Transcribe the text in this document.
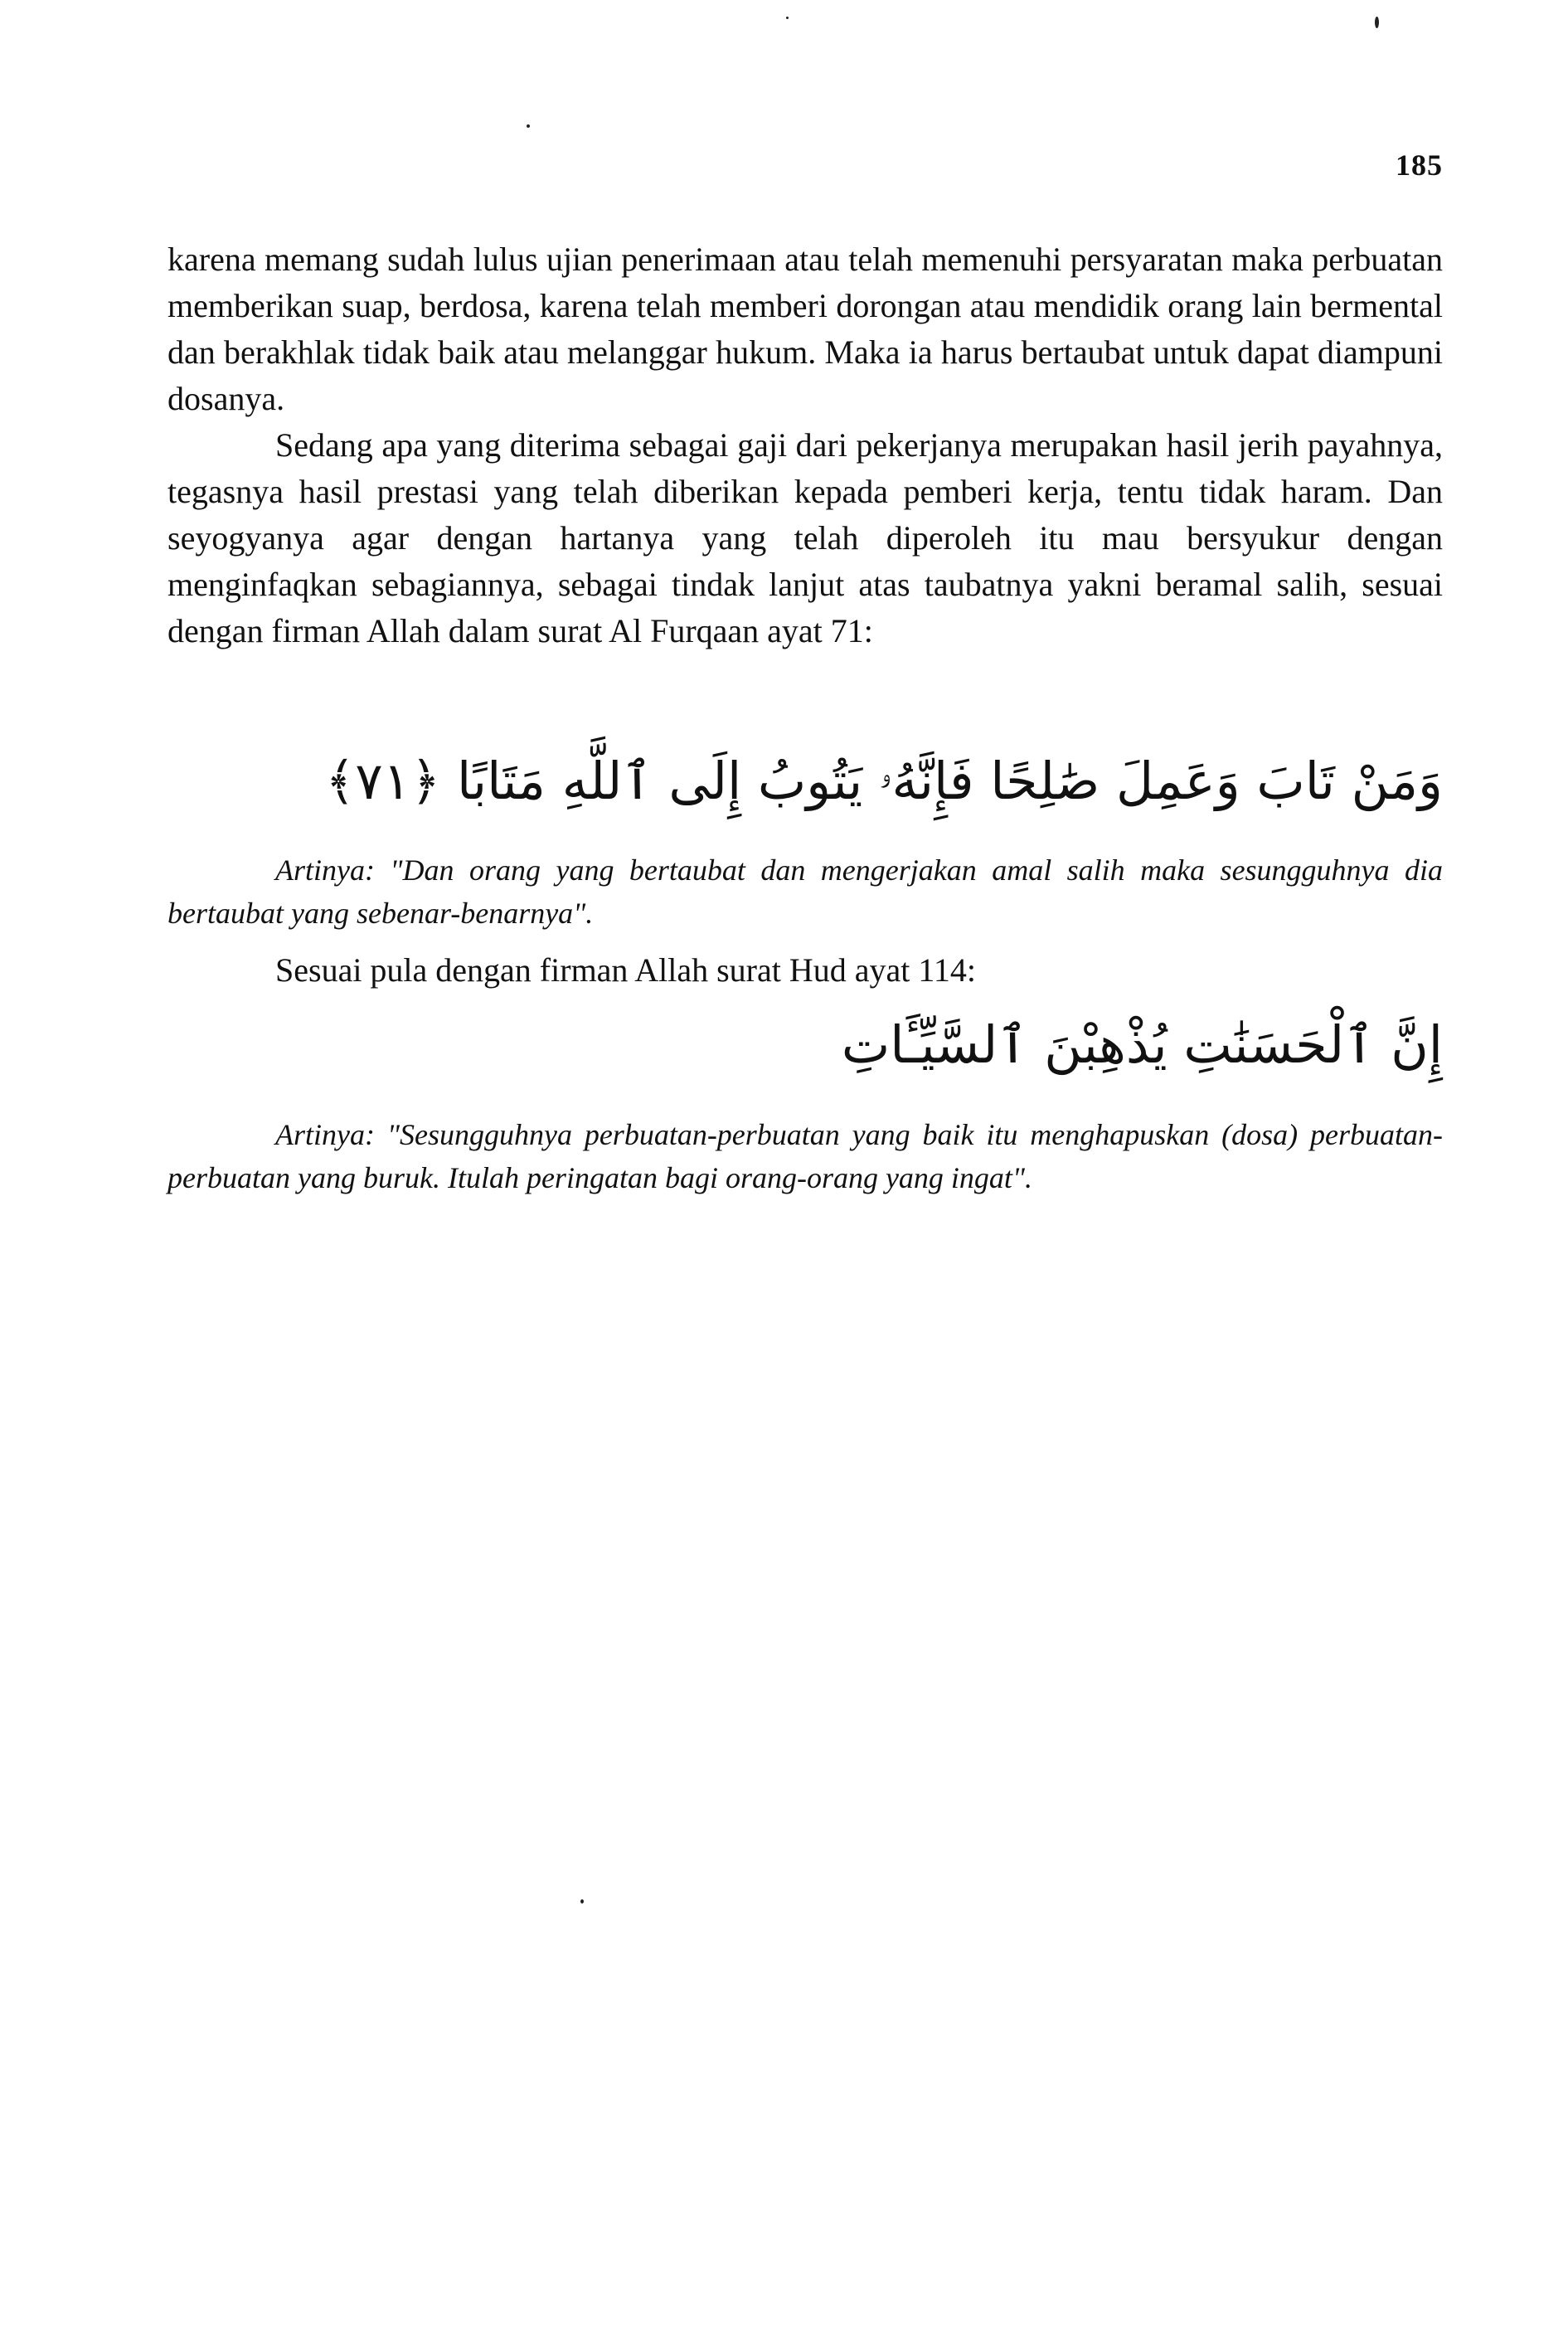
185

karena memang sudah lulus ujian penerimaan atau telah memenuhi persyaratan maka perbuatan memberikan suap, berdosa, karena telah memberi dorongan atau mendidik orang lain bermental dan berakhlak tidak baik atau melanggar hukum. Maka ia harus bertaubat untuk dapat diampuni dosanya.

Sedang apa yang diterima sebagai gaji dari pekerjanya merupakan hasil jerih payahnya, tegasnya hasil prestasi yang telah diberikan kepada pemberi kerja, tentu tidak haram. Dan seyogyanya agar dengan hartanya yang telah diperoleh itu mau bersyukur dengan menginfaqkan sebagiannya, sebagai tindak lanjut atas taubatnya yakni beramal salih, sesuai dengan firman Allah dalam surat Al Furqaan ayat 71:

وَمَنْ تَابَ وَعَمِلَ صَٰلِحًا فَإِنَّهُۥ يَتُوبُ إِلَى ٱللَّهِ مَتَابًا ﴿٧١﴾
Artinya: "Dan orang yang bertaubat dan mengerjakan amal salih maka sesungguhnya dia bertaubat yang sebenar-benarnya".

Sesuai pula dengan firman Allah surat Hud ayat 114:

إِنَّ ٱلْحَسَنَٰتِ يُذْهِبْنَ ٱلسَّيِّـَٔاتِ
Artinya: "Sesungguhnya perbuatan-perbuatan yang baik itu menghapuskan (dosa) perbuatan-perbuatan yang buruk. Itulah peringatan bagi orang-orang yang ingat".
